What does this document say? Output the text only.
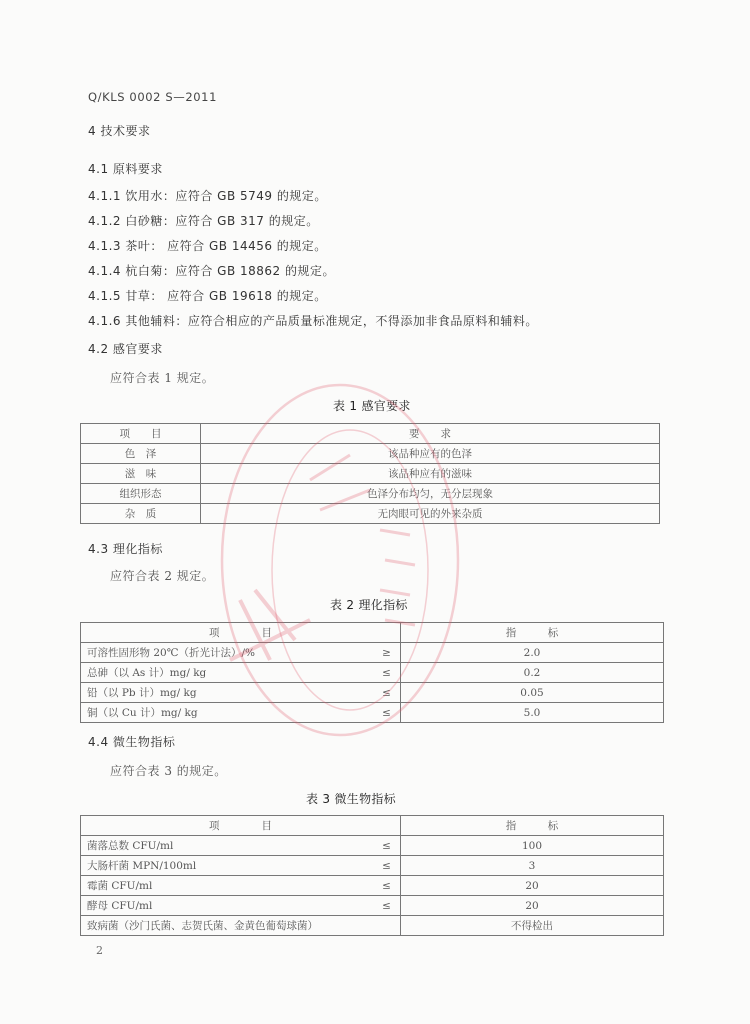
Q/KLS 0002 S—2011
4 技术要求
4.1 原料要求
4.1.1 饮用水：应符合 GB 5749 的规定。
4.1.2 白砂糖：应符合 GB 317 的规定。
4.1.3 茶叶： 应符合 GB 14456 的规定。
4.1.4 杭白菊：应符合 GB 18862 的规定。
4.1.5 甘草： 应符合 GB 19618 的规定。
4.1.6 其他辅料：应符合相应的产品质量标准规定，不得添加非食品原料和辅料。
4.2 感官要求
应符合表 1 规定。
表 1 感官要求
项　　目	要　　求
色　泽	该品种应有的色泽
滋　味	该品种应有的滋味
组织形态	色泽分布均匀，无分层现象
杂　质	无肉眼可见的外来杂质
4.3 理化指标
应符合表 2 规定。
表 2 理化指标
项　　　　目		指　　　标
可溶性固形物 20℃（折光计法）/%	≥	2.0
总砷（以 As 计）mg/ kg	≤	0.2
铅（以 Pb 计）mg/ kg	≤	0.05
铜（以 Cu 计）mg/ kg	≤	5.0
4.4 微生物指标
应符合表 3 的规定。
表 3 微生物指标
项　　　　目		指　　　标
菌落总数 CFU/ml	≤	100
大肠杆菌 MPN/100ml	≤	3
霉菌 CFU/ml	≤	20
酵母 CFU/ml	≤	20
致病菌（沙门氏菌、志贺氏菌、金黄色葡萄球菌）		不得检出
2
